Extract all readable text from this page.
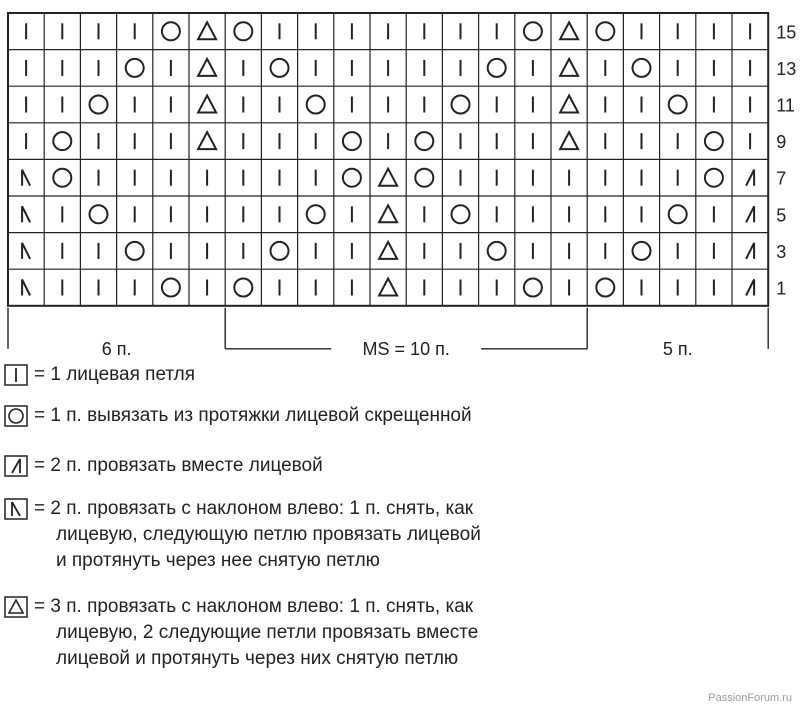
15
13
11
9
7
5
3
1
6 п.	MS = 10 п.	5 п.
= 1 лицевая петля
= 1 п. вывязать из протяжки лицевой скрещенной
= 2 п. провязать вместе лицевой
= 2 п. провязать с наклоном влево: 1 п. снять, как
лицевую, следующую петлю провязать лицевой
и протянуть через нее снятую петлю
= 3 п. провязать с наклоном влево: 1 п. снять, как
лицевую, 2 следующие петли провязать вместе
лицевой и протянуть через них снятую петлю
PassionForum.ru
